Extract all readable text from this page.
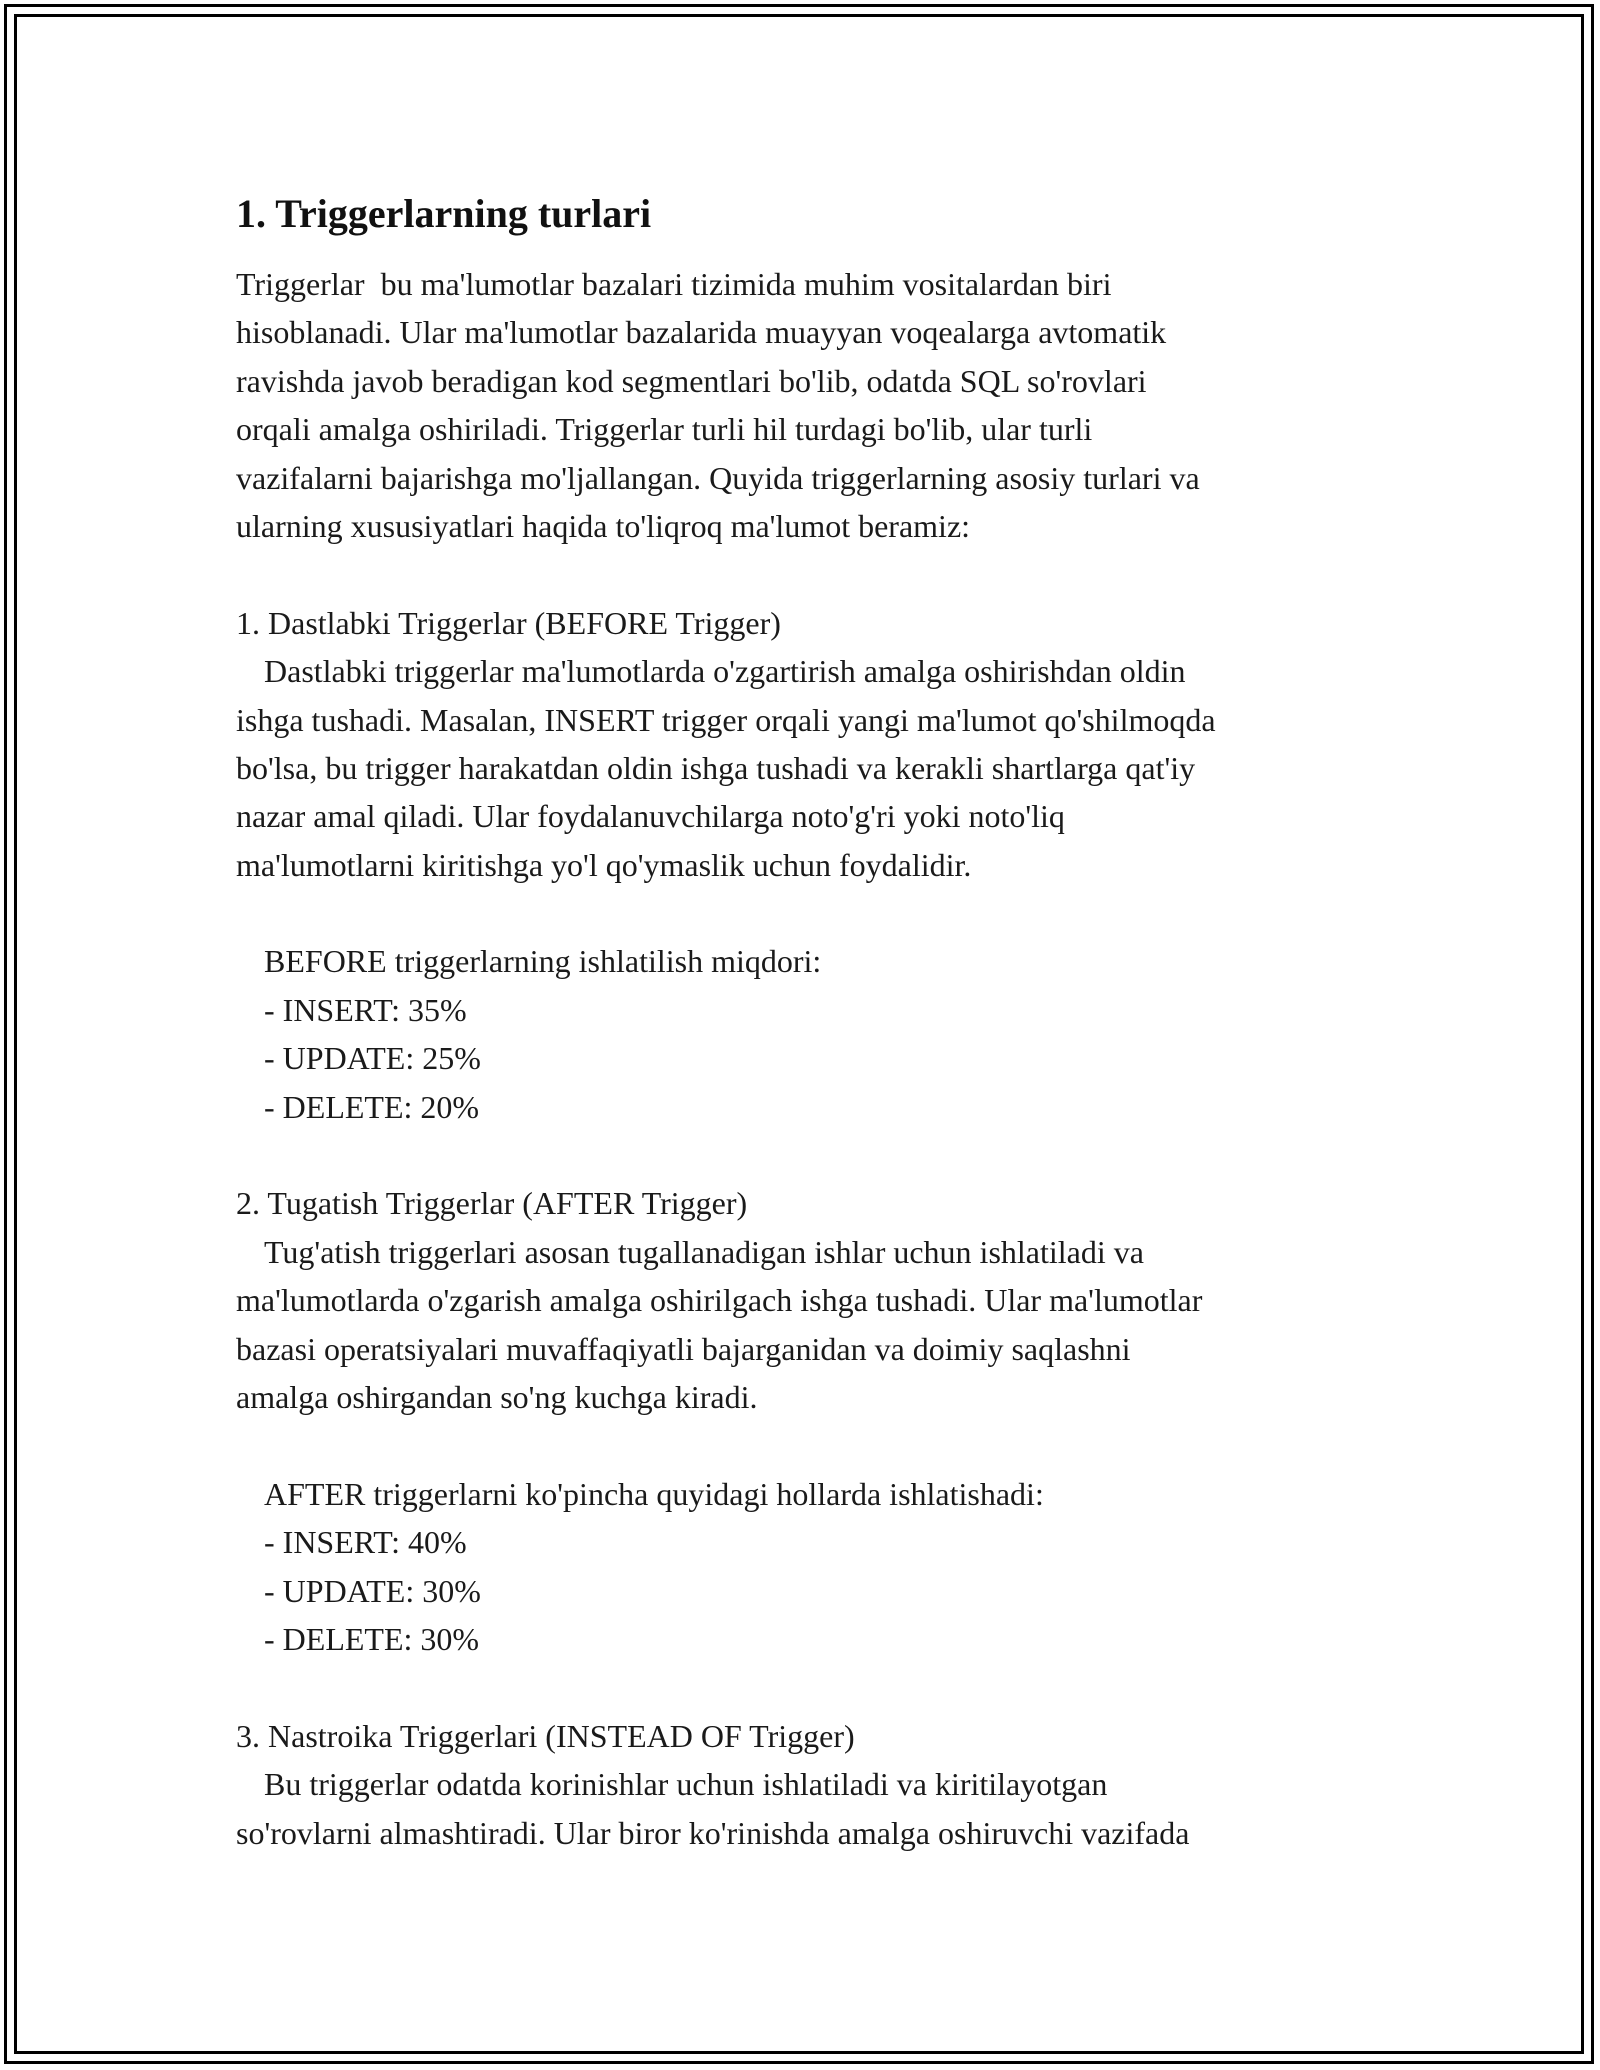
1. Triggerlarning turlari

Triggerlar  bu ma'lumotlar bazalari tizimida muhim vositalardan biri

hisoblanadi. Ular ma'lumotlar bazalarida muayyan voqealarga avtomatik

ravishda javob beradigan kod segmentlari bo'lib, odatda SQL so'rovlari

orqali amalga oshiriladi. Triggerlar turli hil turdagi bo'lib, ular turli

vazifalarni bajarishga mo'ljallangan. Quyida triggerlarning asosiy turlari va

ularning xususiyatlari haqida to'liqroq ma'lumot beramiz:

1. Dastlabki Triggerlar (BEFORE Trigger)

Dastlabki triggerlar ma'lumotlarda o'zgartirish amalga oshirishdan oldin

ishga tushadi. Masalan, INSERT trigger orqali yangi ma'lumot qo'shilmoqda

bo'lsa, bu trigger harakatdan oldin ishga tushadi va kerakli shartlarga qat'iy

nazar amal qiladi. Ular foydalanuvchilarga noto'g'ri yoki noto'liq

ma'lumotlarni kiritishga yo'l qo'ymaslik uchun foydalidir.

BEFORE triggerlarning ishlatilish miqdori:

- INSERT: 35%

- UPDATE: 25%

- DELETE: 20%

2. Tugatish Triggerlar (AFTER Trigger)

Tug'atish triggerlari asosan tugallanadigan ishlar uchun ishlatiladi va

ma'lumotlarda o'zgarish amalga oshirilgach ishga tushadi. Ular ma'lumotlar

bazasi operatsiyalari muvaffaqiyatli bajarganidan va doimiy saqlashni

amalga oshirgandan so'ng kuchga kiradi.

AFTER triggerlarni ko'pincha quyidagi hollarda ishlatishadi:

- INSERT: 40%

- UPDATE: 30%

- DELETE: 30%

3. Nastroika Triggerlari (INSTEAD OF Trigger)

Bu triggerlar odatda korinishlar uchun ishlatiladi va kiritilayotgan

so'rovlarni almashtiradi. Ular biror ko'rinishda amalga oshiruvchi vazifada
